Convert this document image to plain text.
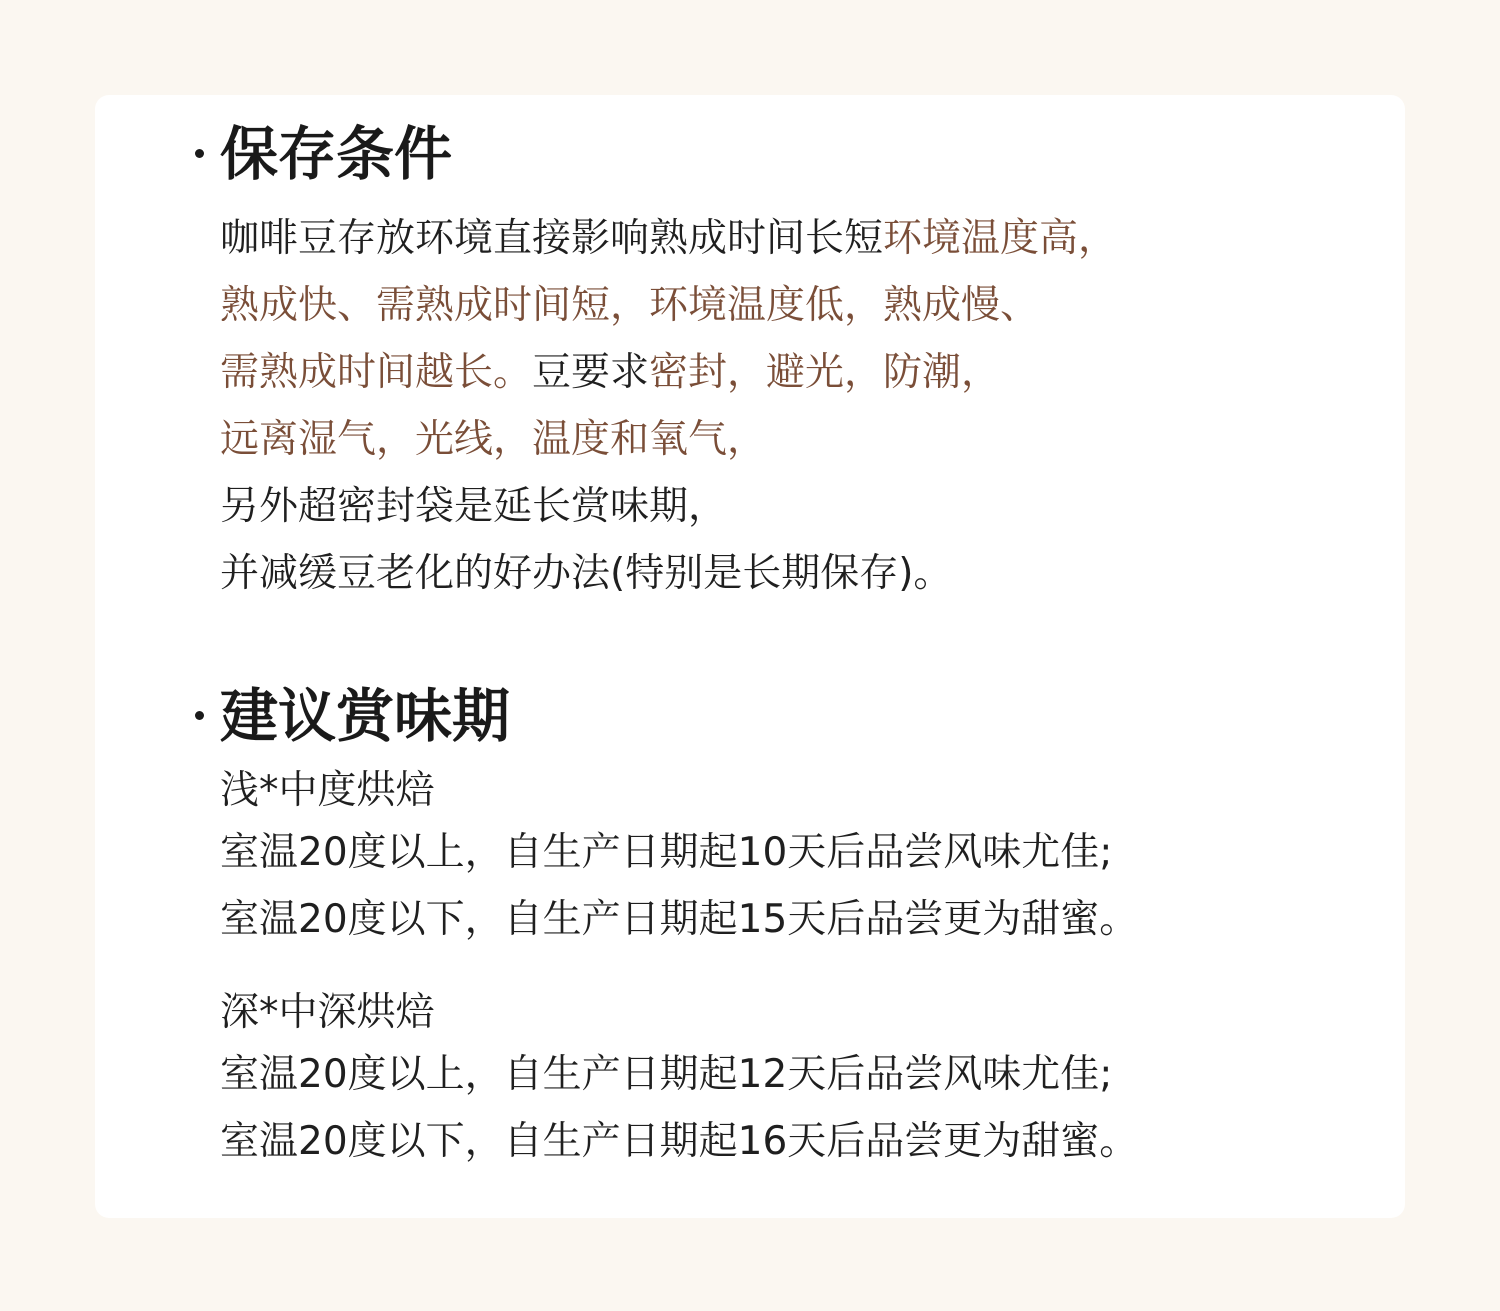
保存条件
咖啡豆存放环境直接影响熟成时间长短环境温度高，
熟成快、需熟成时间短，环境温度低，熟成慢、
需熟成时间越长。豆要求密封，避光，防潮，
远离湿气，光线，温度和氧气，
另外超密封袋是延长赏味期，
并减缓豆老化的好办法(特别是长期保存)。
建议赏味期
浅*中度烘焙
室温20度以上，自生产日期起10天后品尝风味尤佳;
室温20度以下，自生产日期起15天后品尝更为甜蜜。
深*中深烘焙
室温20度以上，自生产日期起12天后品尝风味尤佳;
室温20度以下，自生产日期起16天后品尝更为甜蜜。
